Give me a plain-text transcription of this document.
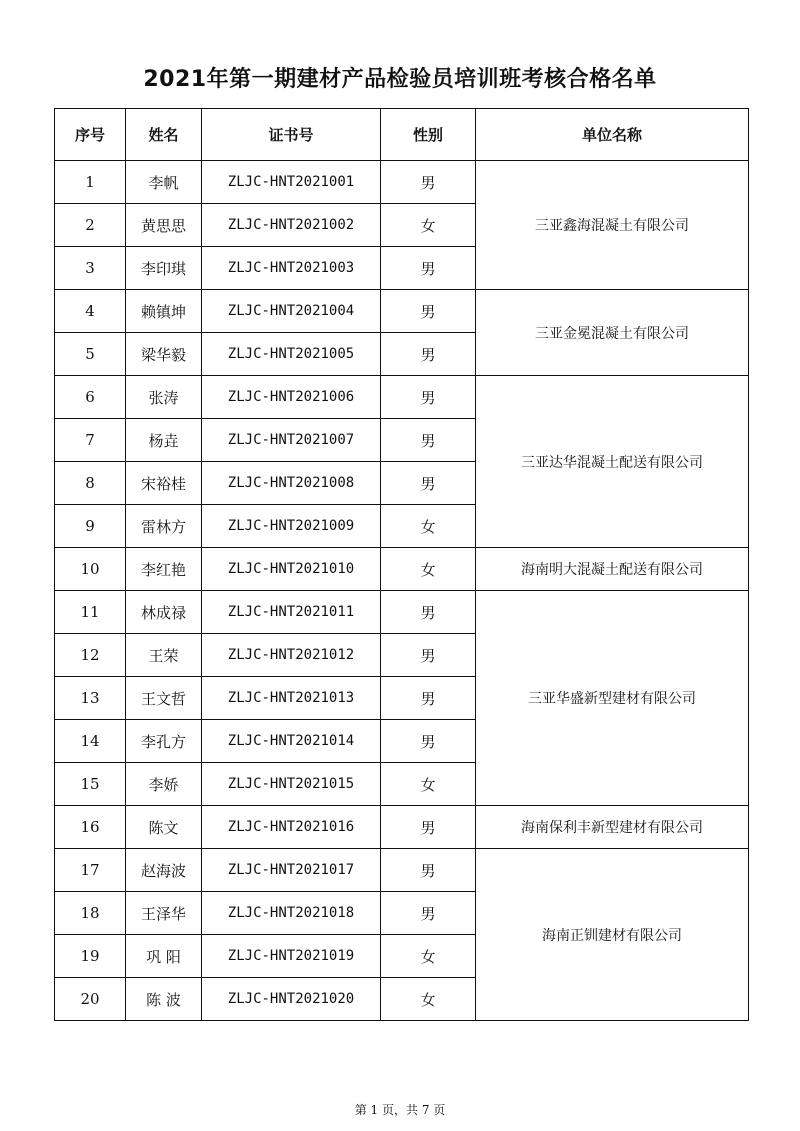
2021年第一期建材产品检验员培训班考核合格名单
序号	姓名	证书号	性别	单位名称
1	李帆	ZLJC-HNT2021001	男	三亚鑫海混凝土有限公司
2	黄思思	ZLJC-HNT2021002	女	
3	李印琪	ZLJC-HNT2021003	男	
4	赖镇坤	ZLJC-HNT2021004	男	三亚金冕混凝土有限公司
5	梁华毅	ZLJC-HNT2021005	男	
6	张涛	ZLJC-HNT2021006	男	三亚达华混凝土配送有限公司
7	杨垚	ZLJC-HNT2021007	男	
8	宋裕桂	ZLJC-HNT2021008	男	
9	雷林方	ZLJC-HNT2021009	女	
10	李红艳	ZLJC-HNT2021010	女	海南明大混凝土配送有限公司
11	林成禄	ZLJC-HNT2021011	男	三亚华盛新型建材有限公司
12	王荣	ZLJC-HNT2021012	男	
13	王文哲	ZLJC-HNT2021013	男	
14	李孔方	ZLJC-HNT2021014	男	
15	李娇	ZLJC-HNT2021015	女	
16	陈文	ZLJC-HNT2021016	男	海南保利丰新型建材有限公司
17	赵海波	ZLJC-HNT2021017	男	海南正钏建材有限公司
18	王泽华	ZLJC-HNT2021018	男	
19	巩 阳	ZLJC-HNT2021019	女	
20	陈 波	ZLJC-HNT2021020	女	
第 1 页，共 7 页
